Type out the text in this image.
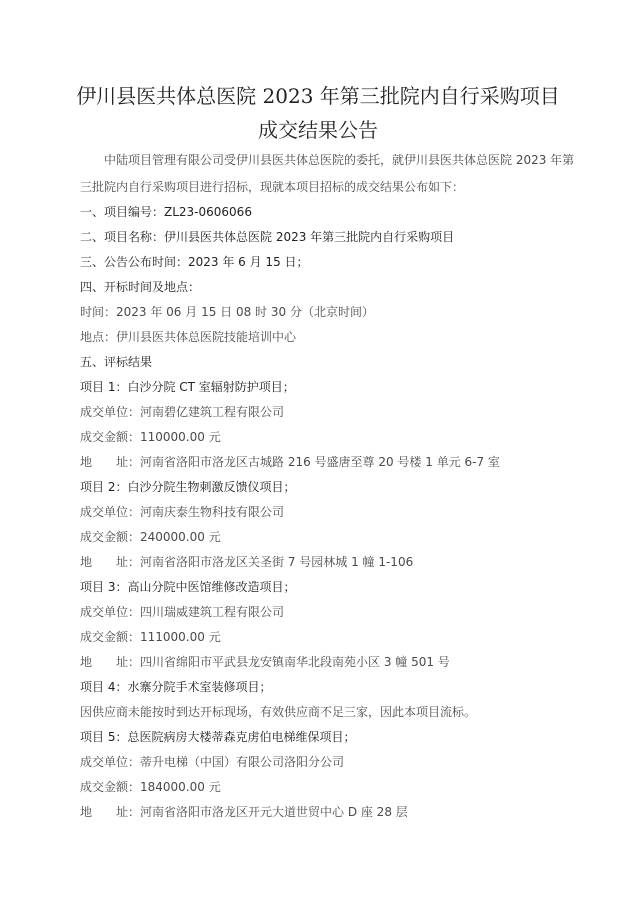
伊川县医共体总医院 2023 年第三批院内自行采购项目
成交结果公告
中陆项目管理有限公司受伊川县医共体总医院的委托，就伊川县医共体总医院 2023 年第
三批院内自行采购项目进行招标，现就本项目招标的成交结果公布如下：
一、项目编号：ZL23-0606066
二、项目名称：伊川县医共体总医院 2023 年第三批院内自行采购项目
三、公告公布时间：2023 年 6 月 15 日；
四、开标时间及地点：
时间：2023 年 06 月 15 日 08 时 30 分（北京时间）
地点：伊川县医共体总医院技能培训中心
五、评标结果
项目 1：白沙分院 CT 室辐射防护项目；
成交单位：河南碧亿建筑工程有限公司
成交金额：110000.00 元
地　　址：河南省洛阳市洛龙区古城路 216 号盛唐至尊 20 号楼 1 单元 6-7 室
项目 2：白沙分院生物刺激反馈仪项目；
成交单位：河南庆泰生物科技有限公司
成交金额：240000.00 元
地　　址：河南省洛阳市洛龙区关圣街 7 号园林城 1 幢 1-106
项目 3：高山分院中医馆维修改造项目；
成交单位：四川瑞威建筑工程有限公司
成交金额：111000.00 元
地　　址：四川省绵阳市平武县龙安镇南华北段南苑小区 3 幢 501 号
项目 4：水寨分院手术室装修项目；
因供应商未能按时到达开标现场，有效供应商不足三家，因此本项目流标。
项目 5：总医院病房大楼蒂森克虏伯电梯维保项目；
成交单位：蒂升电梯（中国）有限公司洛阳分公司
成交金额：184000.00 元
地　　址：河南省洛阳市洛龙区开元大道世贸中心 D 座 28 层
